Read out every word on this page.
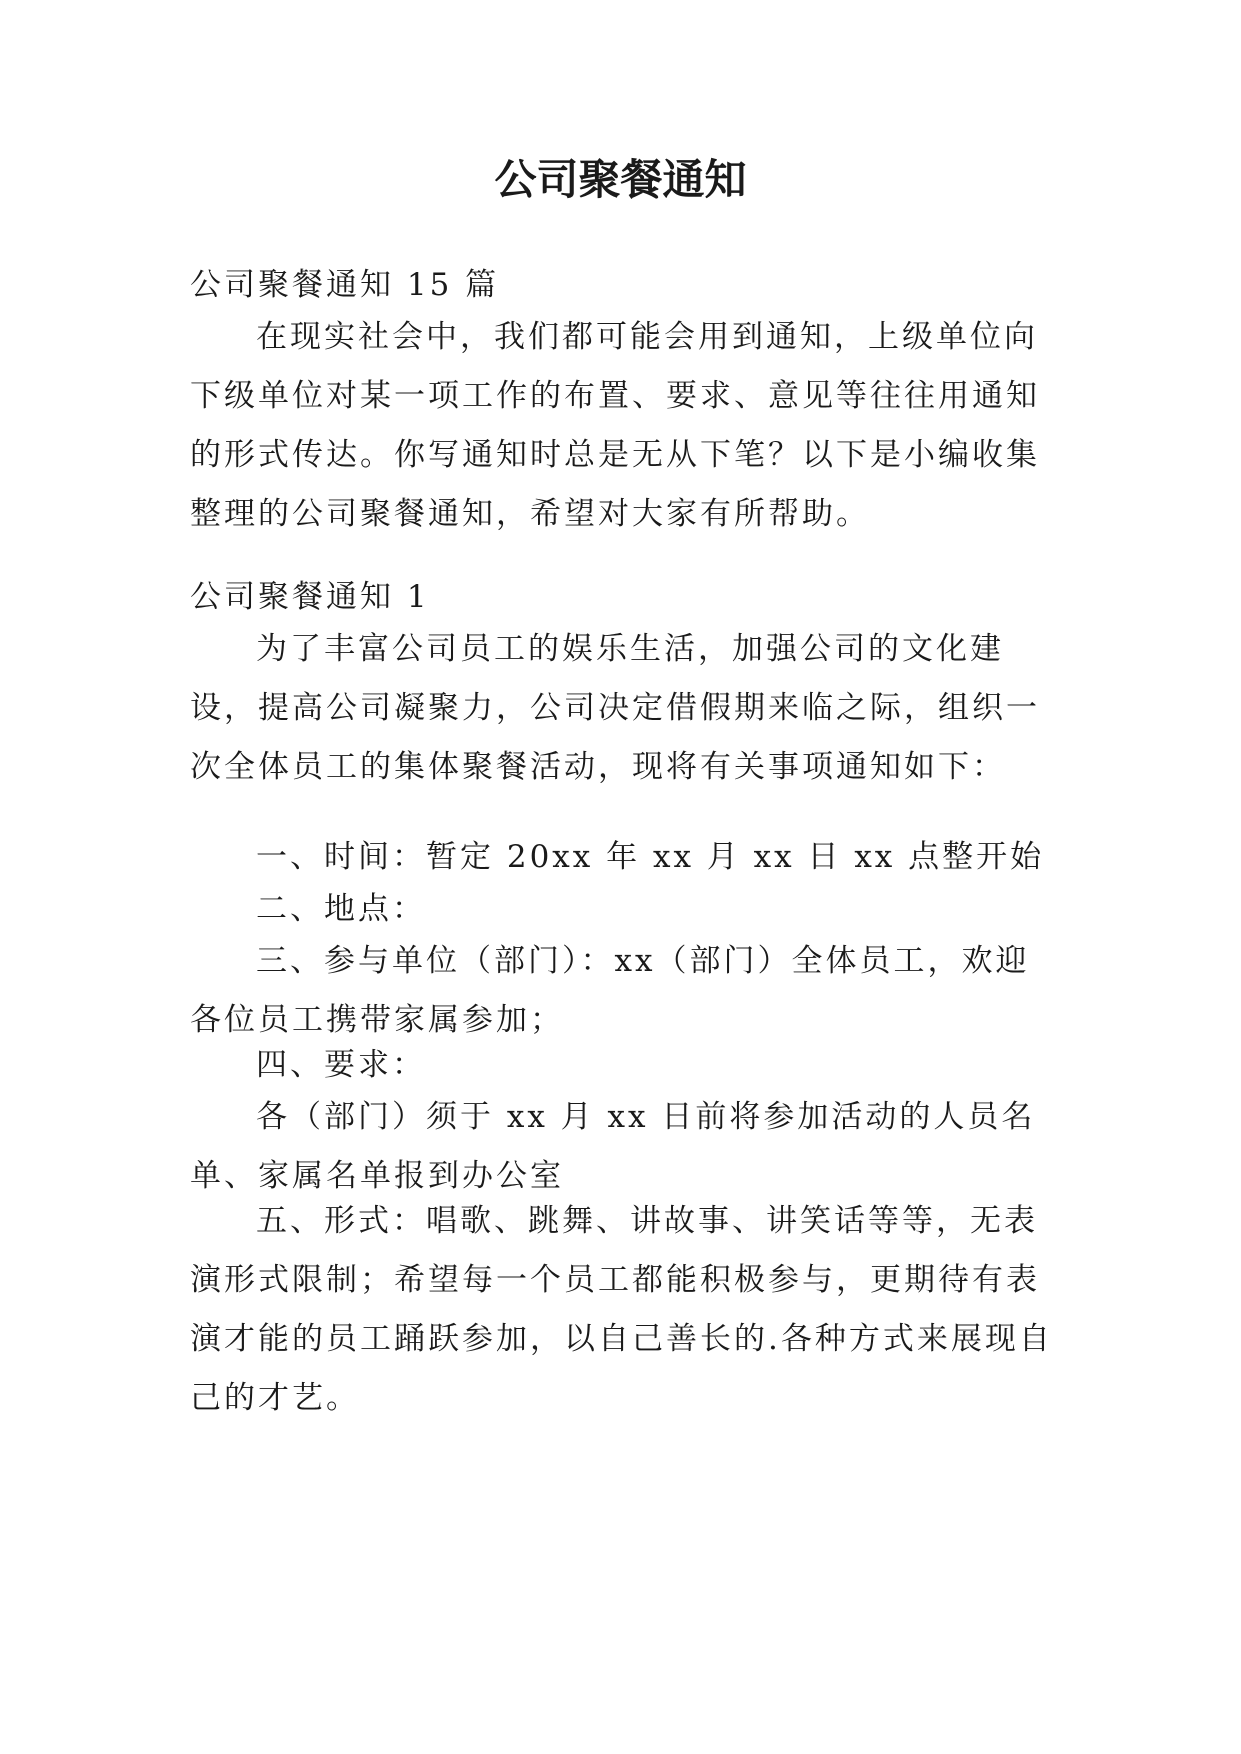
公司聚餐通知

公司聚餐通知 15 篇

在现实社会中，我们都可能会用到通知，上级单位向下级单位对某一项工作的布置、要求、意见等往往用通知的形式传达。你写通知时总是无从下笔？以下是小编收集整理的公司聚餐通知，希望对大家有所帮助。

公司聚餐通知 1

为了丰富公司员工的娱乐生活，加强公司的文化建设，提高公司凝聚力，公司决定借假期来临之际，组织一次全体员工的集体聚餐活动，现将有关事项通知如下：

一、时间：暂定 20xx 年 xx 月 xx 日 xx 点整开始

二、地点：

三、参与单位（部门）：xx（部门）全体员工，欢迎各位员工携带家属参加；

四、要求：

各（部门）须于 xx 月 xx 日前将参加活动的人员名单、家属名单报到办公室

五、形式：唱歌、跳舞、讲故事、讲笑话等等，无表演形式限制；希望每一个员工都能积极参与，更期待有表演才能的员工踊跃参加，以自己善长的.各种方式来展现自己的才艺。
